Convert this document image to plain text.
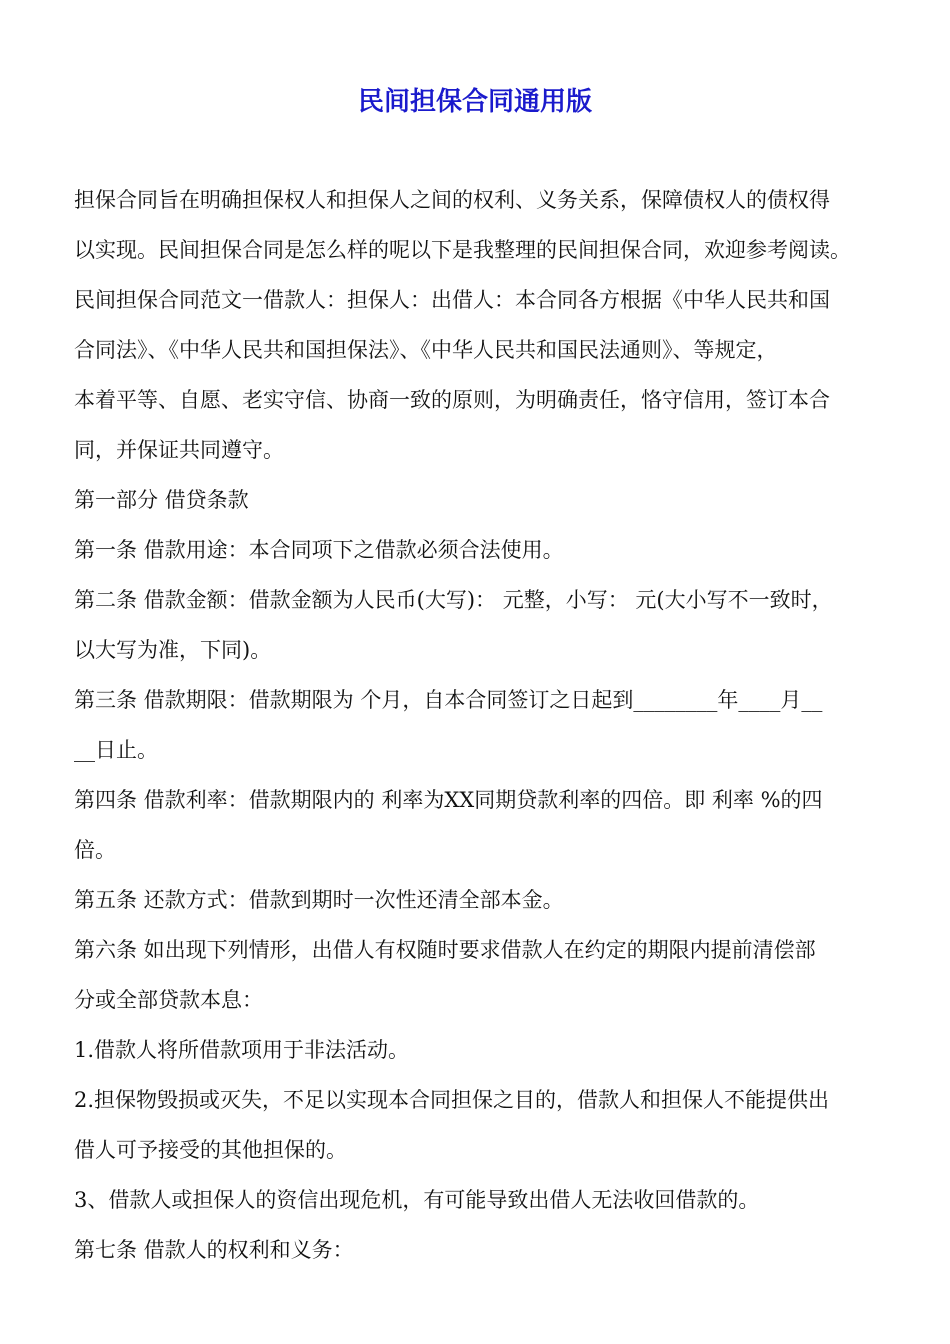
民间担保合同通用版
担保合同旨在明确担保权人和担保人之间的权利、义务关系，保障债权人的债权得
以实现。民间担保合同是怎么样的呢以下是我整理的民间担保合同，欢迎参考阅读。
民间担保合同范文一借款人：担保人：出借人：本合同各方根据《中华人民共和国
合同法》、《中华人民共和国担保法》、《中华人民共和国民法通则》、等规定，
本着平等、自愿、老实守信、协商一致的原则，为明确责任，恪守信用，签订本合
同，并保证共同遵守。
第一部分 借贷条款
第一条 借款用途：本合同项下之借款必须合法使用。
第二条 借款金额：借款金额为人民币(大写)： 元整，小写： 元(大小写不一致时，
以大写为准，下同)。
第三条 借款期限：借款期限为 个月，自本合同签订之日起到________年____月__
__日止。
第四条 借款利率：借款期限内的 利率为XX同期贷款利率的四倍。即 利率 %的四
倍。
第五条 还款方式：借款到期时一次性还清全部本金。
第六条 如出现下列情形，出借人有权随时要求借款人在约定的期限内提前清偿部
分或全部贷款本息：
1.借款人将所借款项用于非法活动。
2.担保物毁损或灭失，不足以实现本合同担保之目的，借款人和担保人不能提供出
借人可予接受的其他担保的。
3、借款人或担保人的资信出现危机，有可能导致出借人无法收回借款的。
第七条 借款人的权利和义务：
